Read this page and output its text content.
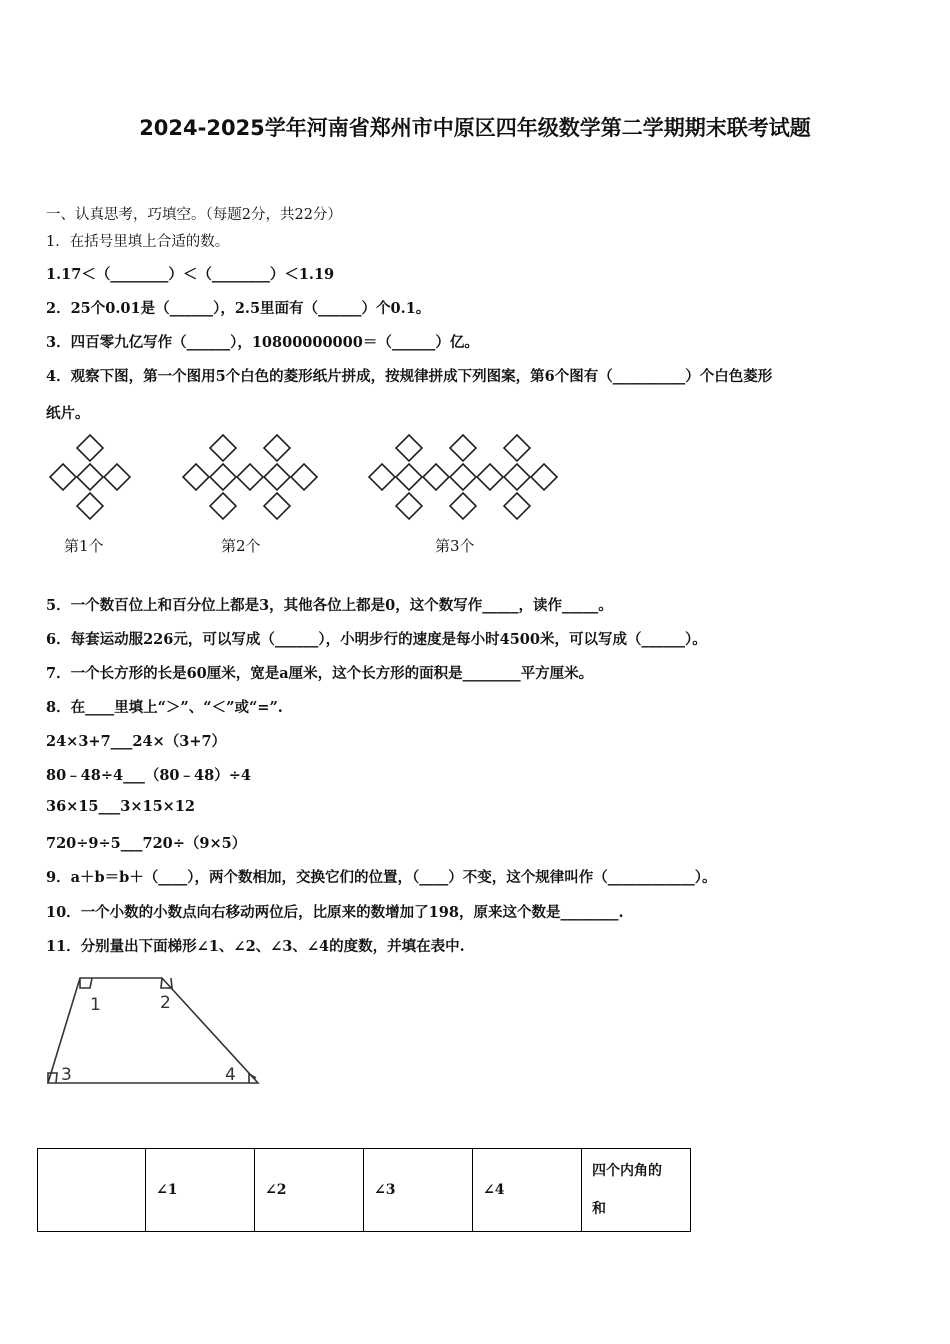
2024-2025学年河南省郑州市中原区四年级数学第二学期期末联考试题
一、认真思考，巧填空。（每题2分，共22分）
1．在括号里填上合适的数。
1.17＜（________）＜（________）＜1.19
2．25个0.01是（______），2.5里面有（______）个0.1。
3．四百零九亿写作（______），10800000000＝（______）亿。
4．观察下图，第一个图用5个白色的菱形纸片拼成，按规律拼成下列图案，第6个图有（__________）个白色菱形
纸片。
第1个	第2个	第3个
5．一个数百位上和百分位上都是3，其他各位上都是0，这个数写作_____，读作_____。
6．每套运动服226元，可以写成（______），小明步行的速度是每小时4500米，可以写成（______）。
7．一个长方形的长是60厘米，宽是a厘米，这个长方形的面积是________平方厘米。
8．在____里填上“＞”、“＜”或“=”.
24×3+7___24×（3+7）
80﹣48÷4___（80﹣48）÷4
36×15___3×15×12
720÷9÷5___720÷（9×5）
9．a＋b＝b＋（____），两个数相加，交换它们的位置，（____）不变，这个规律叫作（____________）。
10．一个小数的小数点向右移动两位后，比原来的数增加了198，原来这个数是________.
11．分别量出下面梯形∠1、∠2、∠3、∠4的度数，并填在表中.
1	2
3	4
	∠1	∠2	∠3	∠4	
四个内角的
和
